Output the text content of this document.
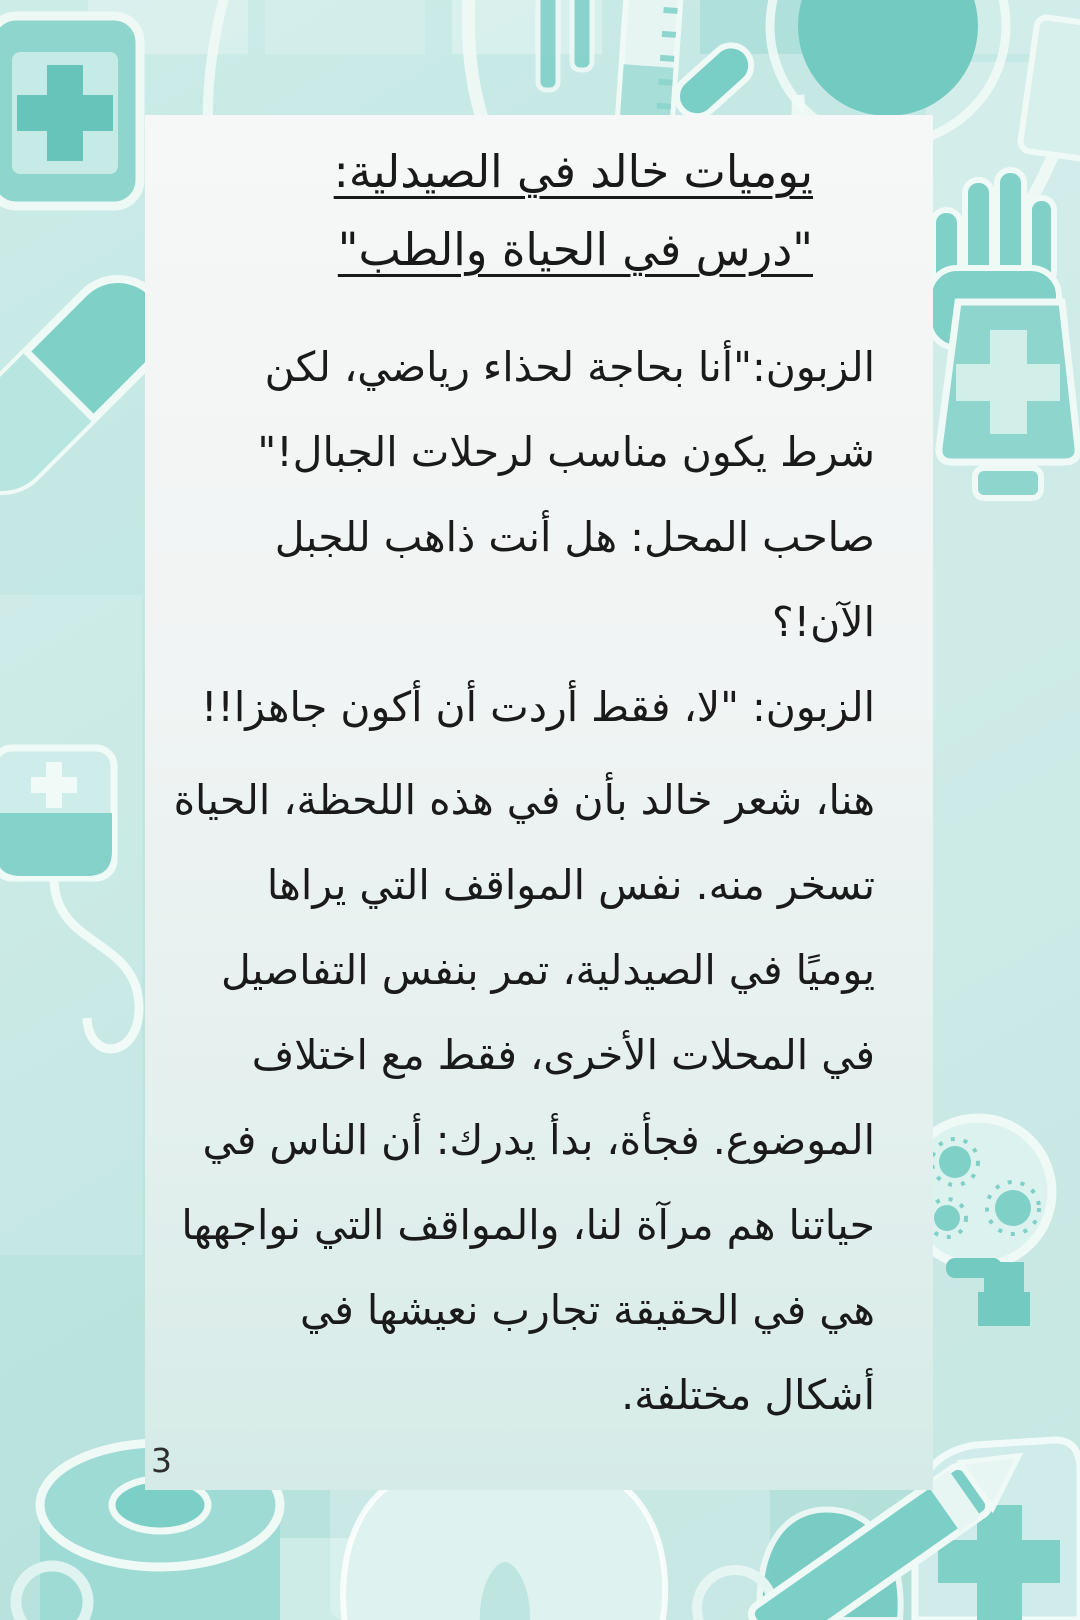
يوميات خالد في الصيدلية:
"درس في الحياة والطب"
الزبون:"أنا بحاجة لحذاء رياضي، لكن
شرط يكون مناسب لرحلات الجبال!"
صاحب المحل: هل أنت ذاهب للجبل
الآن!؟
الزبون: "لا، فقط أردت أن أكون جاهزا!!
هنا، شعر خالد بأن في هذه اللحظة، الحياة
تسخر منه. نفس المواقف التي يراها
يوميًا في الصيدلية، تمر بنفس التفاصيل
في المحلات الأخرى، فقط مع اختلاف
الموضوع. فجأة، بدأ يدرك: أن الناس في
حياتنا هم مرآة لنا، والمواقف التي نواجهها
هي في الحقيقة تجارب نعيشها في
أشكال مختلفة.
3
